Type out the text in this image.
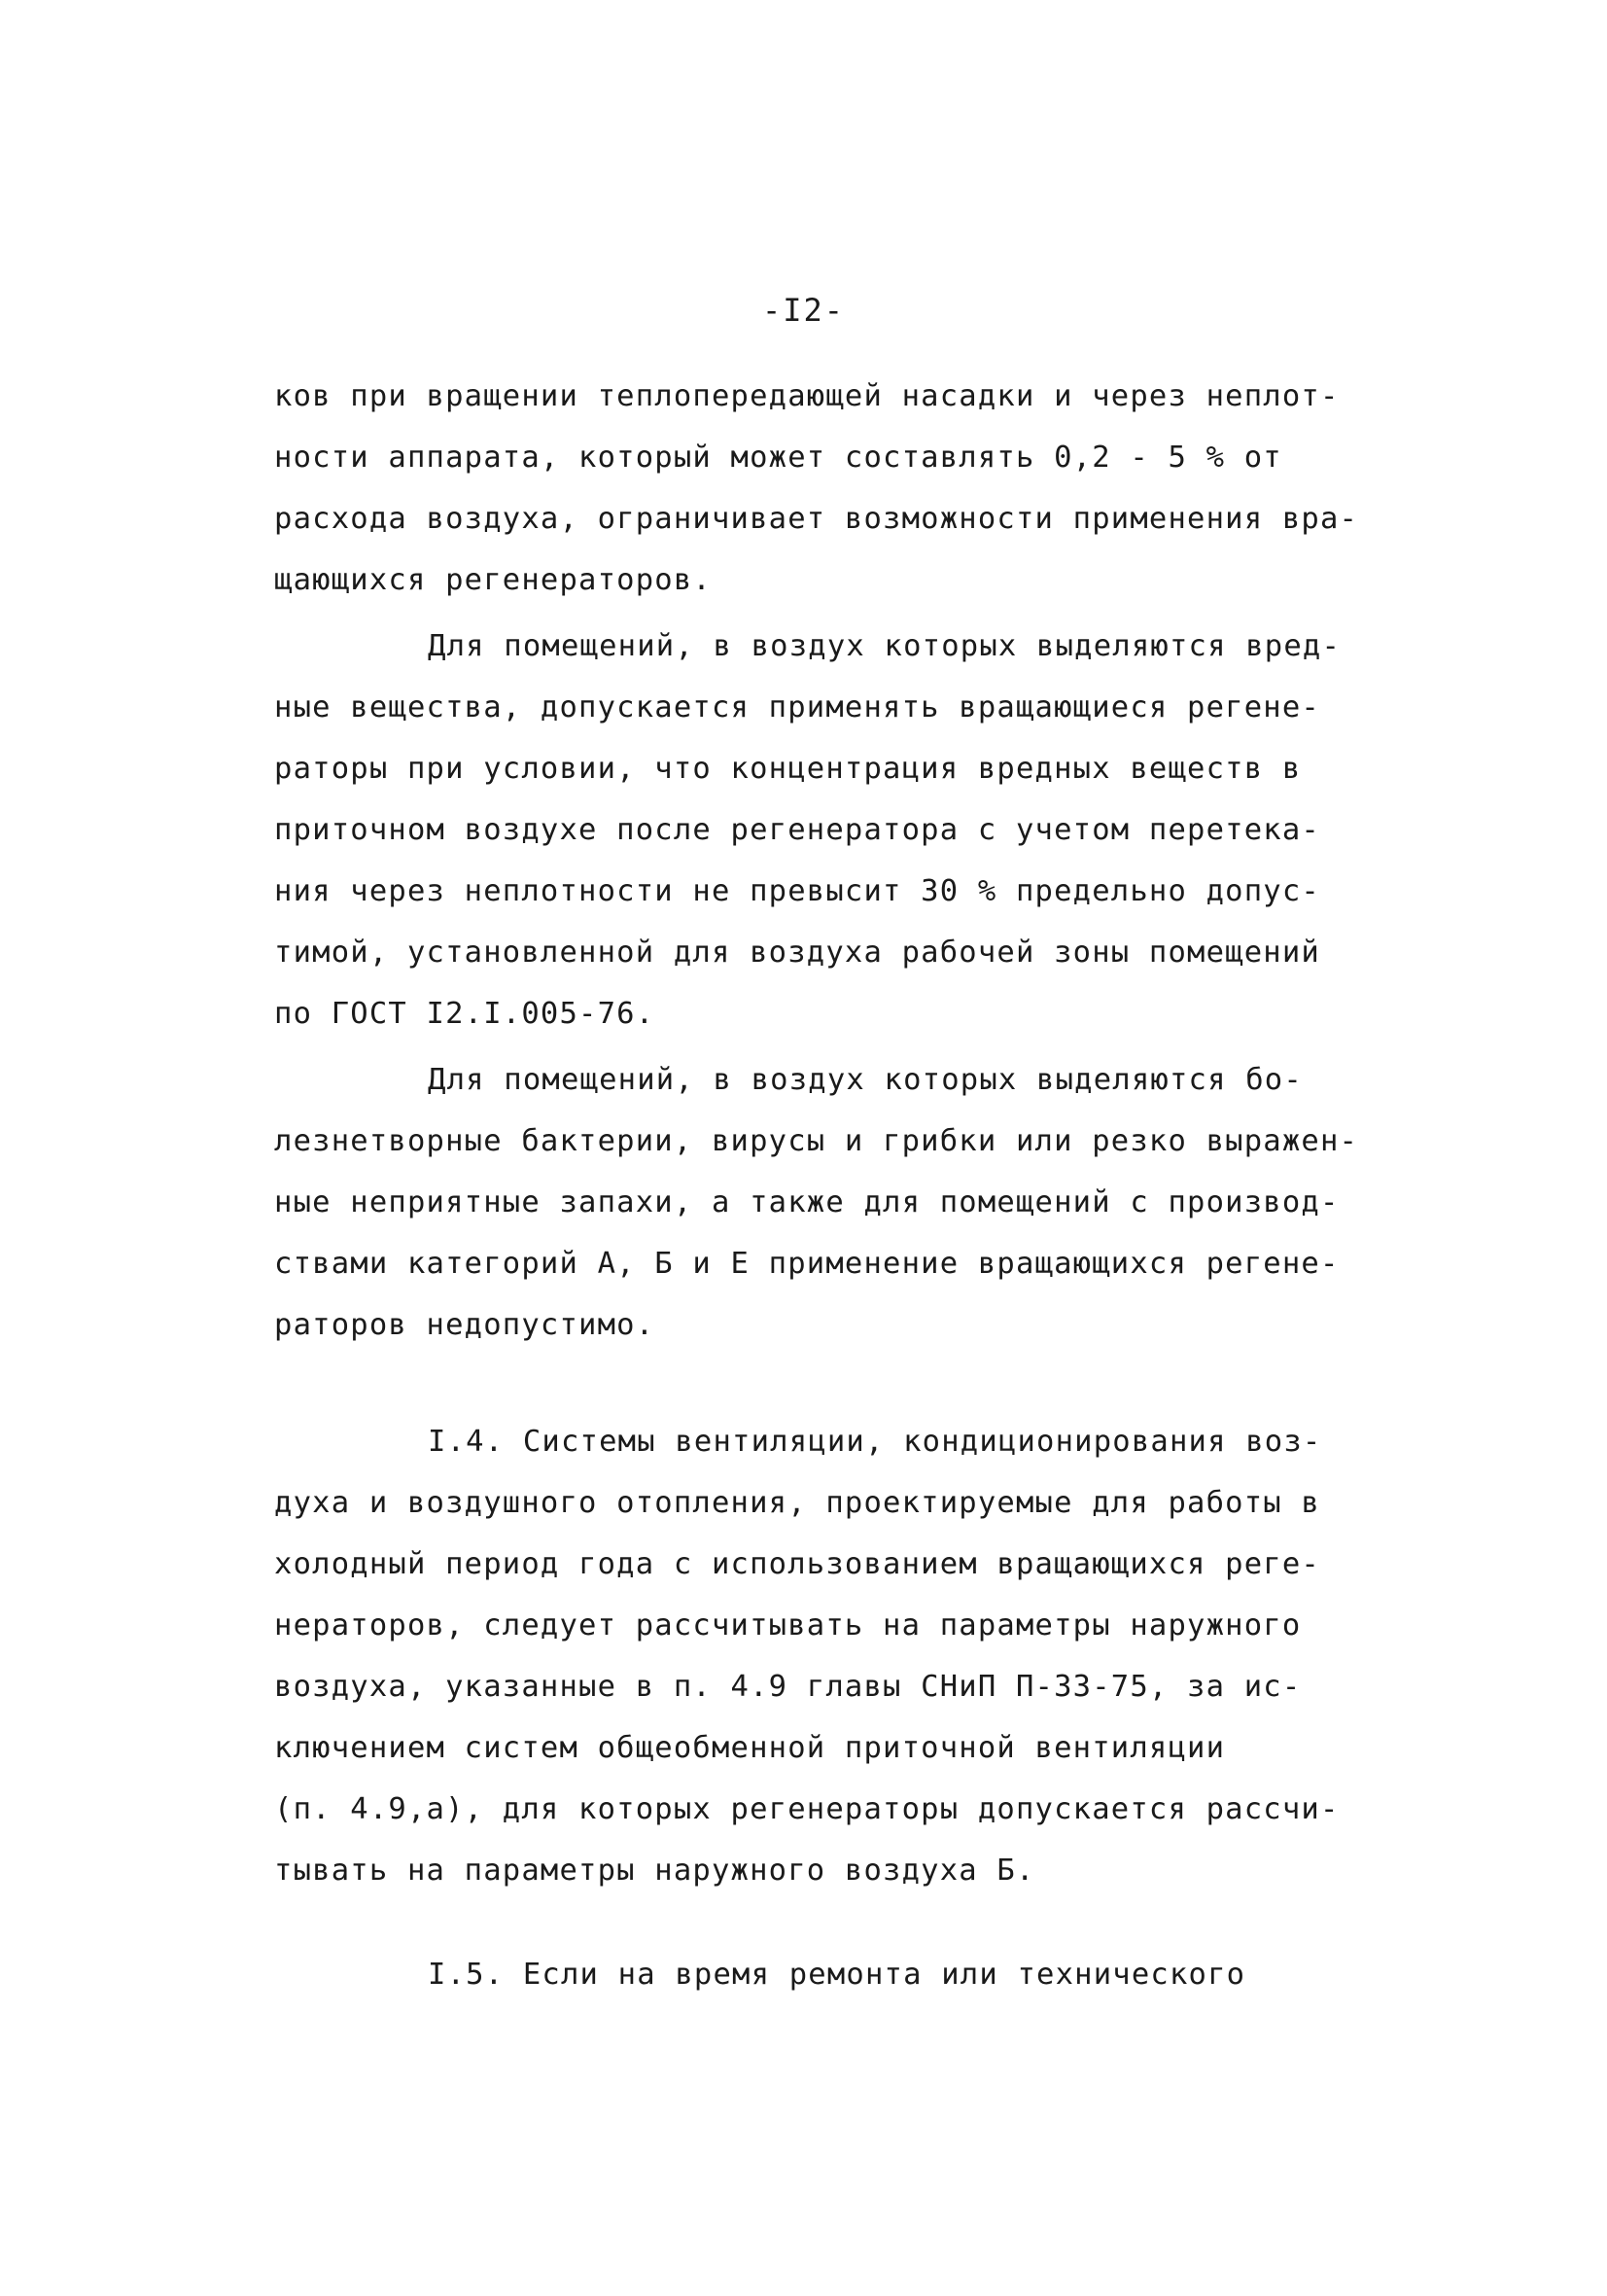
-I2-
ков при вращении теплопередающей насадки и через неплот-
ности аппарата, который может составлять 0,2 - 5 % от
расхода воздуха, ограничивает возможности применения вра-
щающихся регенераторов.
Для помещений, в воздух которых выделяются вред-
ные вещества, допускается применять вращающиеся регене-
раторы при условии, что концентрация вредных веществ в
приточном воздухе после регенератора с учетом перетека-
ния через неплотности не превысит 30 % предельно допус-
тимой, установленной для воздуха рабочей зоны помещений
по ГОСТ I2.I.005-76.
Для помещений, в воздух которых выделяются бо-
лезнетворные бактерии, вирусы и грибки или резко выражен-
ные неприятные запахи, а также для помещений с производ-
ствами категорий А, Б и Е применение вращающихся регене-
раторов недопустимо.
I.4. Системы вентиляции, кондиционирования воз-
духа и воздушного отопления, проектируемые для работы в
холодный период года с использованием вращающихся реге-
нераторов, следует рассчитывать на параметры наружного
воздуха, указанные в п. 4.9 главы СНиП П-33-75, за ис-
ключением систем общеобменной приточной вентиляции
(п. 4.9,а), для которых регенераторы допускается рассчи-
тывать на параметры наружного воздуха Б.
I.5. Если на время ремонта или технического
